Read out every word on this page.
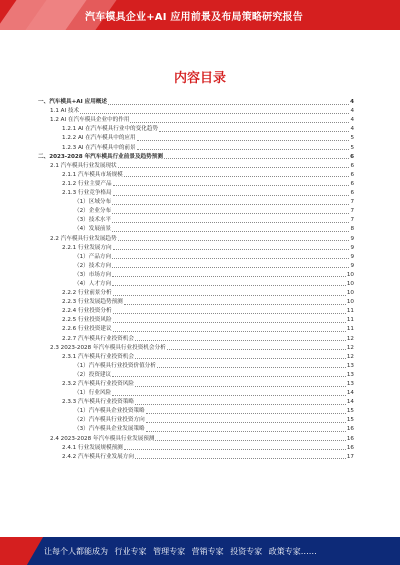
汽车模具企业+AI 应用前景及布局策略研究报告
内容目录
一、汽车模具+AI 应用概述	4
1.1 AI 技术	4
1.2 AI 在汽车模具企业中的作用	4
1.2.1 AI 在汽车模具行业中的变化趋势	4
1.2.2 AI 在汽车模具中的应用	5
1.2.3 AI 在汽车模具中的前景	5
二、2023-2028 年汽车模具行业前景及趋势预测	6
2.1 汽车模具行业发展现状	6
2.1.1 汽车模具市场规模	6
2.1.2 行业主要产品	6
2.1.3 行业竞争格局	6
（1）区域分布	7
（2）企业分布	7
（3）技术水平	7
（4）发展前景	8
2.2 汽车模具行业发展趋势	9
2.2.1 行业发展方向	9
（1）产品方向	9
（2）技术方向	9
（3）市场方向	10
（4）人才方向	10
2.2.2 行业前景分析	10
2.2.3 行业发展趋势预测	10
2.2.4 行业投资分析	11
2.2.5 行业投资风险	11
2.2.6 行业投资建议	11
2.2.7 汽车模具行业投资机会	12
2.3 2023-2028 年汽车模具行业投资机会分析	12
2.3.1 汽车模具行业投资机会	12
（1）汽车模具行业投资价值分析	13
（2）投资建议	13
2.3.2 汽车模具行业投资风险	13
（1）行业风险	14
2.3.3 汽车模具行业投资策略	14
（1）汽车模具企业投资策略	15
（2）汽车模具行业投资方向	15
（3）汽车模具企业发展策略	16
2.4 2023-2028 年汽车模具行业发展预测	16
2.4.1 行业发展规模预测	16
2.4.2 汽车模具行业发展方向	17
让每个人都能成为 行业专家 管理专家 营销专家 投资专家 政策专家……
